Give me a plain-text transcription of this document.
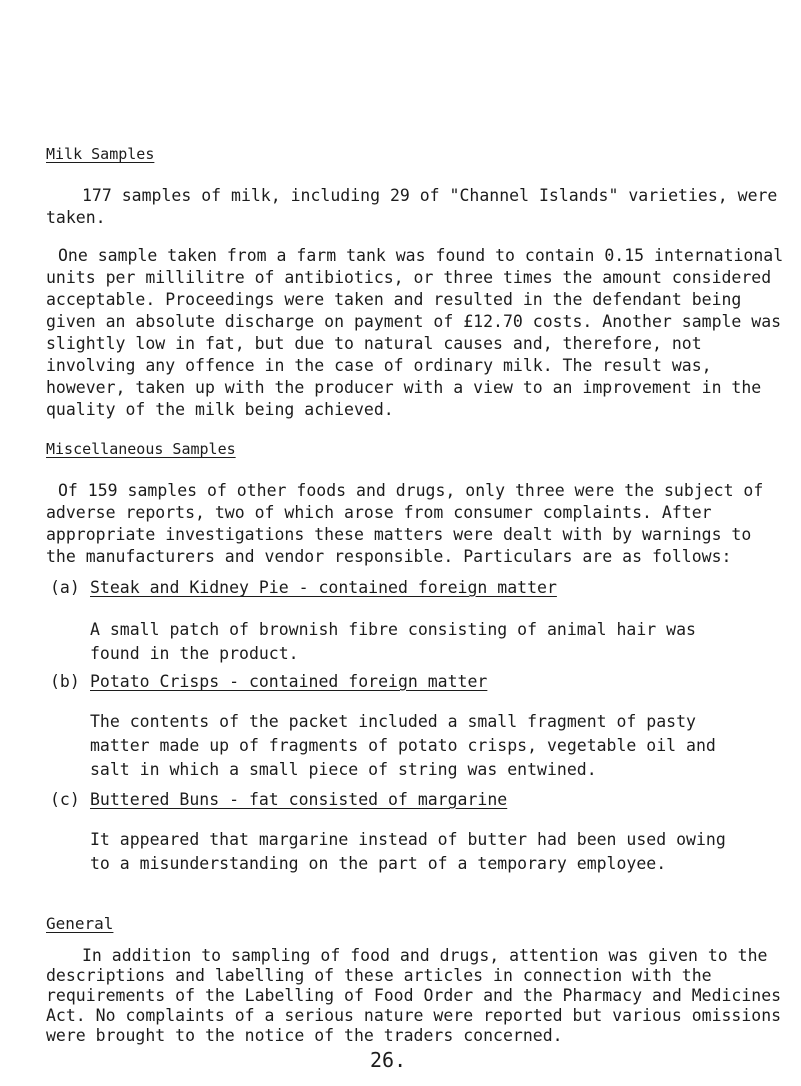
Milk Samples

177 samples of milk, including 29 of "Channel Islands" varieties, were taken.

One sample taken from a farm tank was found to contain 0.15 international units per millilitre of antibiotics, or three times the amount considered acceptable. Proceedings were taken and resulted in the defendant being given an absolute discharge on payment of £12.70 costs. Another sample was slightly low in fat, but due to natural causes and, therefore, not involving any offence in the case of ordinary milk. The result was, however, taken up with the producer with a view to an improvement in the quality of the milk being achieved.

Miscellaneous Samples

Of 159 samples of other foods and drugs, only three were the subject of adverse reports, two of which arose from consumer complaints. After appropriate investigations these matters were dealt with by warnings to the manufacturers and vendor responsible. Particulars are as follows:

(a) Steak and Kidney Pie - contained foreign matter

A small patch of brownish fibre consisting of animal hair was found in the product.

(b) Potato Crisps - contained foreign matter

The contents of the packet included a small fragment of pasty matter made up of fragments of potato crisps, vegetable oil and salt in which a small piece of string was entwined.

(c) Buttered Buns - fat consisted of margarine

It appeared that margarine instead of butter had been used owing to a misunderstanding on the part of a temporary employee.

General

In addition to sampling of food and drugs, attention was given to the descriptions and labelling of these articles in connection with the requirements of the Labelling of Food Order and the Pharmacy and Medicines Act. No complaints of a serious nature were reported but various omissions were brought to the notice of the traders concerned.

26.
